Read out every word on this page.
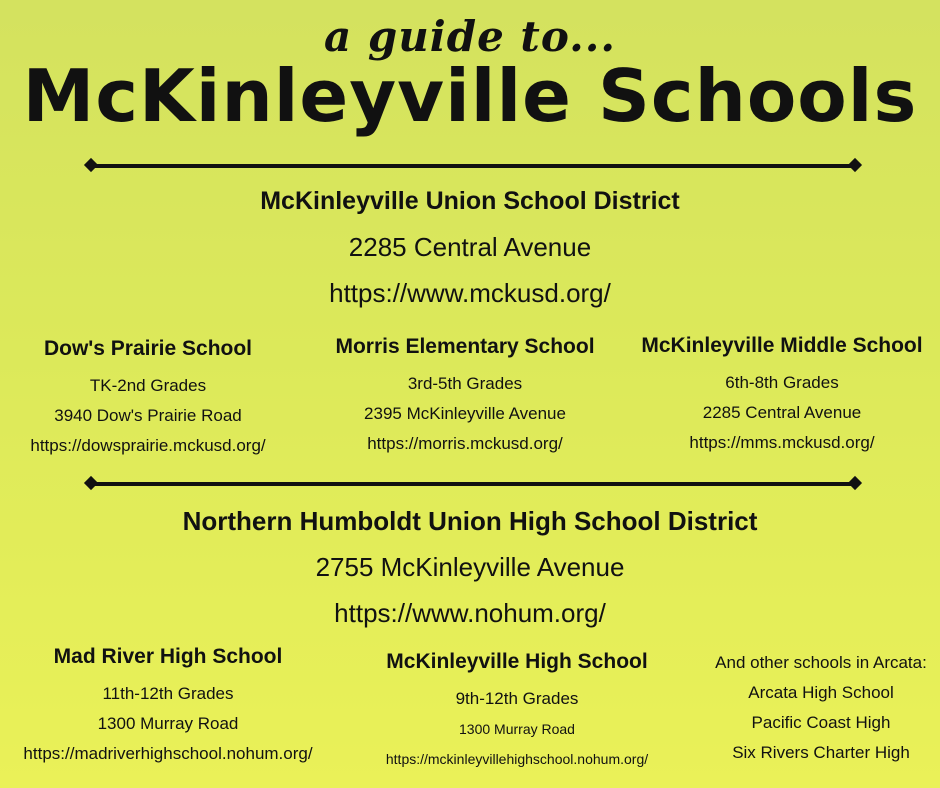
a guide to...
McKinleyville Schools
McKinleyville Union School District
2285 Central Avenue
https://www.mckusd.org/
Dow's Prairie School
TK-2nd Grades
3940 Dow's Prairie Road
https://dowsprairie.mckusd.org/
Morris Elementary School
3rd-5th Grades
2395 McKinleyville Avenue
https://morris.mckusd.org/
McKinleyville Middle School
6th-8th Grades
2285 Central Avenue
https://mms.mckusd.org/
Northern Humboldt Union High School District
2755 McKinleyville Avenue
https://www.nohum.org/
Mad River High School
11th-12th Grades
1300 Murray Road
https://madriverhighschool.nohum.org/
McKinleyville High School
9th-12th Grades
1300 Murray Road
https://mckinleyvillehighschool.nohum.org/
And other schools in Arcata:
Arcata High School
Pacific Coast High
Six Rivers Charter High
